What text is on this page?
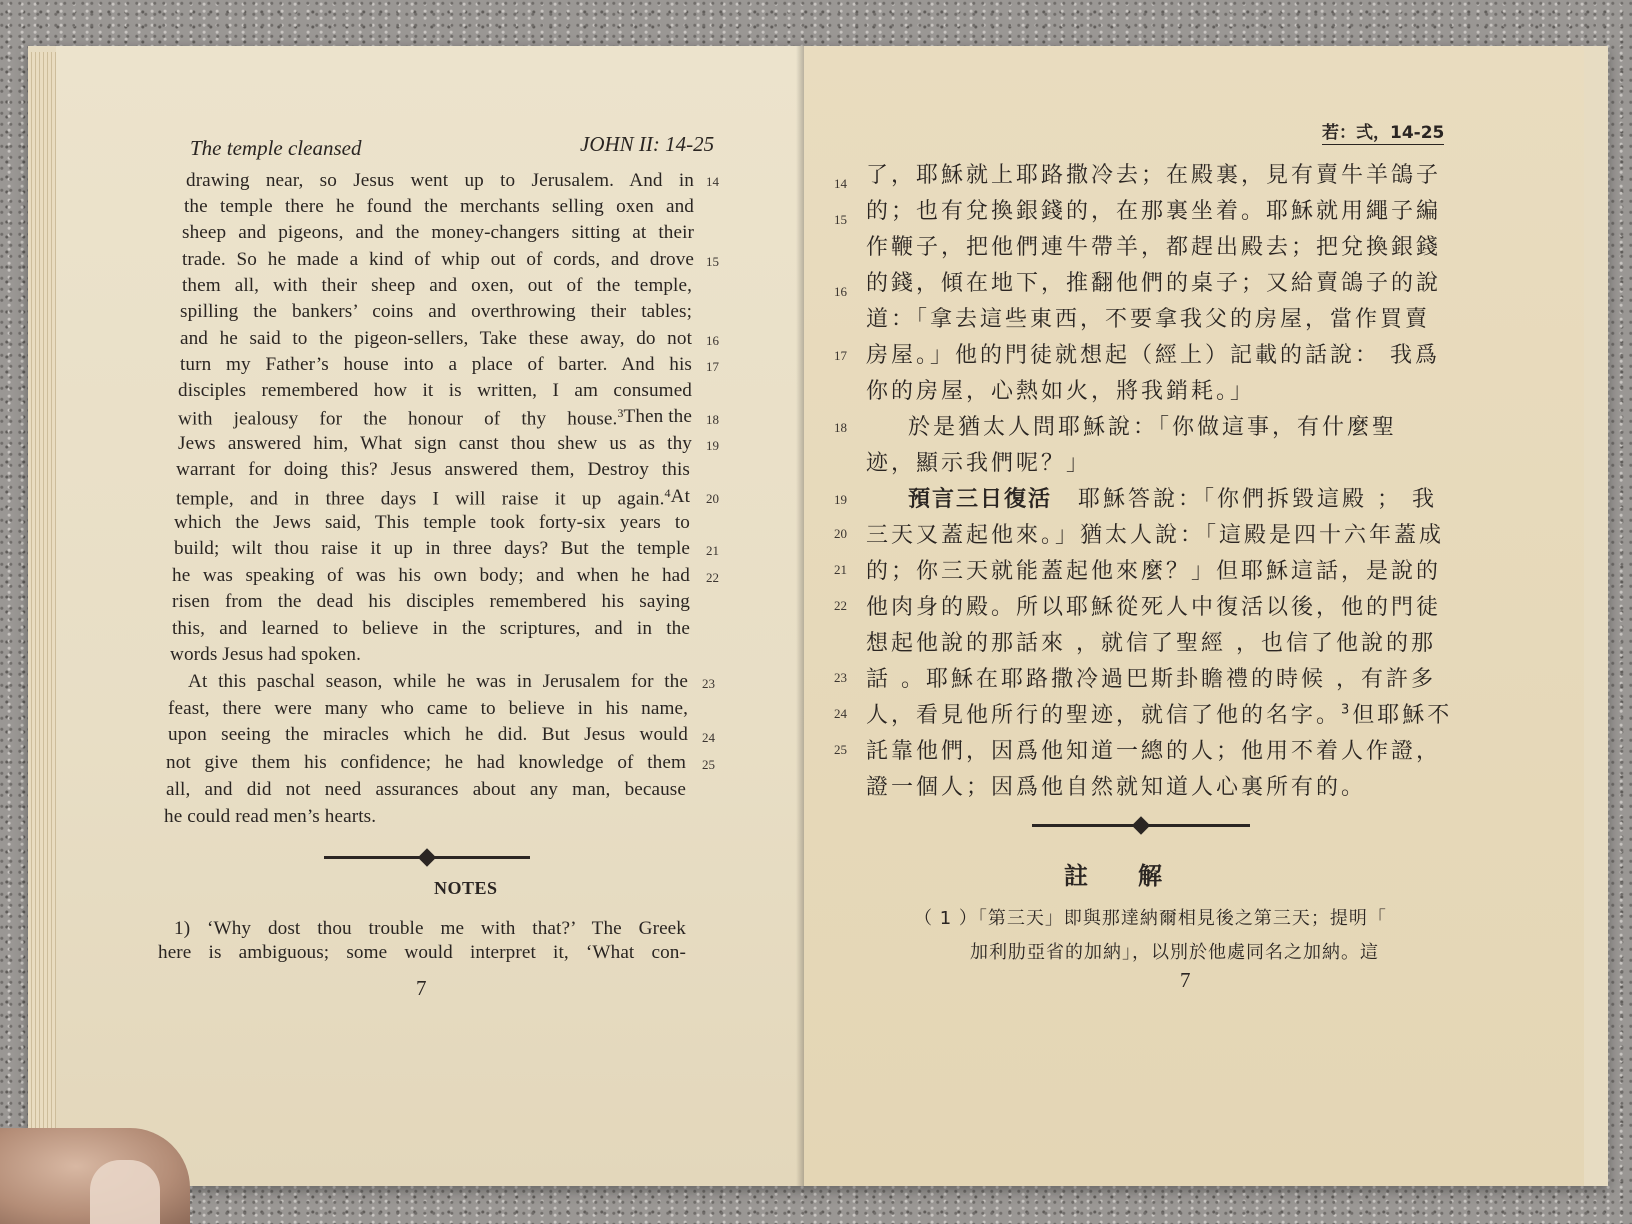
The temple cleansed	JOHN II: 14-25
drawing near, so Jesus went up to Jerusalem. And in
the temple there he found the merchants selling oxen and
sheep and pigeons, and the money-changers sitting at their
trade. So he made a kind of whip out of cords, and drove
them all, with their sheep and oxen, out of the temple,
spilling the bankers’ coins and overthrowing their tables;
and he said to the pigeon-sellers, Take these away, do not
turn my Father’s house into a place of barter. And his
disciples remembered how it is written, I am consumed
with jealousy for the honour of thy house.$^3$ Then the
Jews answered him, What sign canst thou shew us as thy
warrant for doing this? Jesus answered them, Destroy this
temple, and in three days I will raise it up again.$^4$ At
which the Jews said, This temple took forty-six years to
build; wilt thou raise it up in three days? But the temple
he was speaking of was his own body; and when he had
risen from the dead his disciples remembered his saying
this, and learned to believe in the scriptures, and in the
words Jesus had spoken.
At this paschal season, while he was in Jerusalem for the
feast, there were many who came to believe in his name,
upon seeing the miracles which he did. But Jesus would
not give them his confidence; he had knowledge of them
all, and did not need assurances about any man, because
he could read men’s hearts.
14
15
16
17
18
19
20
21
22
23
24
25
NOTES
1) ‘Why dost thou trouble me with that?’ The Greek
here is ambiguous; some would interpret it, ‘What con-
7
若：弍，14-25
了，耶穌就上耶路撒冷去；在殿裏，見有賣牛羊鴿子
的；也有兌換銀錢的，在那裏坐着。耶穌就用繩子編
作鞭子，把他們連牛帶羊，都趕出殿去；把兌換銀錢
的錢，傾在地下，推翻他們的桌子；又給賣鴿子的說
道：「拿去這些東西，不要拿我父的房屋，當作買賣
房屋。」他的門徒就想起（經上）記載的話說： 我爲
你的房屋，心熱如火，將我銷耗。」
於是猶太人問耶穌說：「你做這事，有什麼聖
迹，顯示我們呢？」
預言三日復活 耶穌答說：「你們拆毀這殿 ； 我
三天又蓋起他來。」猶太人說：「這殿是四十六年蓋成
的；你三天就能蓋起他來麼？」但耶穌這話，是說的
他肉身的殿。所以耶穌從死人中復活以後，他的門徒
想起他說的那話來 ，就信了聖經 ，也信了他說的那
話 。耶穌在耶路撒冷過巴斯卦瞻禮的時候 ，有許多
人，看見他所行的聖迹，就信了他的名字。$^3$但耶穌不
託靠他們，因爲他知道一總的人；他用不着人作證，
證一個人；因爲他自然就知道人心裏所有的。
14
15
16
17
18
19
20
21
22
23
24
25
註解
（ 1 ）「第三天」即與那達納爾相見後之第三天；提明「
加利肋亞省的加納」，以別於他處同名之加納。這
7
